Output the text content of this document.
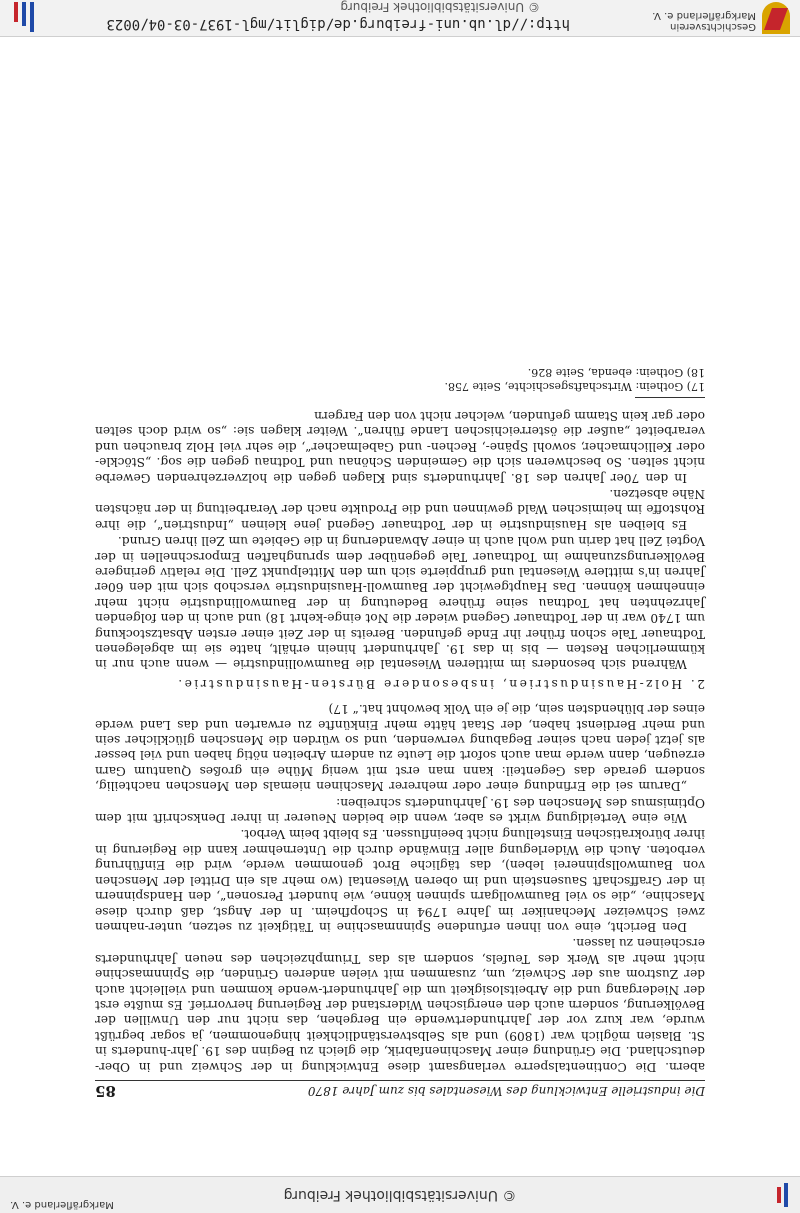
© Universitätsbibliothek Freiburg
Markgräflerland e. V.
Die industrielle Entwicklung des Wiesentales bis zum Jahre 1870
85

abern. Die Continentalsperre verlangsamt diese Entwicklung in der Schweiz und in Ober-deutschland. Die Gründung einer Maschinenfabrik, die gleich zu Beginn des 19. Jahr-hunderts in St. Blasien möglich war (1809) und als Selbstverständlichkeit hingenommen, ja sogar begrüßt wurde, war kurz vor der Jahrhundertwende ein Bergehen, das nicht nur den Unwillen der Bevölkerung, sondern auch den energischen Widerstand der Regierung hervorrief. Es mußte erst der Niedergang und die Arbeitslosigkeit um die Jahrhundert-wende kommen und vielleicht auch der Zustrom aus der Schweiz, um, zusammen mit vielen anderen Gründen, die Spinnmaschine nicht mehr als Werk des Teufels, sondern als das Triumphzeichen des neuen Jahrhunderts erscheinen zu lassen.

Den Bericht, eine von ihnen erfundene Spinnmaschine in Tätigkeit zu setzen, unter-nahmen zwei Schweizer Mechaniker im Jahre 1794 in Schopfheim. In der Angst, daß durch diese Maschine, „die so viel Baumwollgarn spinnen könne, wie hundert Personen“, den Handspinnern in der Graffschaft Sausenstein und im oberen Wiesental (wo mehr als ein Drittel der Menschen von Baumwollspinnerei leben), das tägliche Brot genommen werde, wird die Einführung verboten. Auch die Widerlegung aller Einwände durch die Unternehmer kann die Regierung in ihrer bürokratischen Einstellung nicht beeinflussen. Es bleibt beim Verbot.

Wie eine Verteidigung wirkt es aber, wenn die beiden Neuerer in ihrer Denkschrift mit dem Optimismus des Menschen des 19. Jahrhunderts schreiben:

„Darum sei die Erfindung einer oder mehrerer Maschinen niemals den Menschen nachteilig, sondern gerade das Gegenteil: kann man erst mit wenig Mühe ein großes Quantum Garn erzeugen, dann werde man auch sofort die Leute zu andern Arbeiten nötig haben und viel besser als jetzt jeden nach seiner Begabung verwenden, und so würden die Menschen glücklicher sein und mehr Berdienst haben, der Staat hätte mehr Einkünfte zu erwarten und das Land werde eines der blühendsten sein, die je ein Volk bewohnt hat.“ 17)

2. Holz-Hausindustrien, insbesondere Bürsten-Hausindustrie.

Während sich besonders im mittleren Wiesental die Baumwollindustrie — wenn auch nur in kümmerlichen Resten — bis in das 19. Jahrhundert hinein erhält, hatte sie im abgelegenen Todtnauer Tale schon früher ihr Ende gefunden. Bereits in der Zeit einer ersten Absatzstockung um 1740 war in der Todtnauer Gegend wieder die Not einge-kehrt 18) und auch in den folgenden Jahrzehnten hat Todtnau seine frühere Bedeutung in der Baumwollindustrie nicht mehr einnehmen können. Das Hauptgewicht der Baumwoll-Hausindustrie verschob sich mit den 60er Jahren in's mittlere Wiesental und gruppierte sich um den Mittelpunkt Zell. Die relativ geringere Bevölkerungszunahme im Todtnauer Tale gegenüber dem sprunghaften Emporschnellen in der Vogtei Zell hat darin und wohl auch in einer Abwanderung in die Gebiete um Zell ihren Grund.

Es bleiben als Hausindustrie in der Todtnauer Gegend jene kleinen „Industrien“, die ihre Rohstoffe im heimischen Wald gewinnen und die Produkte nach der Verarbeitung in der nächsten Nähe absetzen.

In den 70er Jahren des 18. Jahrhunderts sind Klagen gegen die holzverzehrenden Gewerbe nicht selten. So beschweren sich die Gemeinden Schönau und Todtnau gegen die sog. „Stöckle- oder Kellichmacher, sowohl Späne-, Rechen- und Gabelmacher“, die sehr viel Holz brauchen und verarbeitet „außer die österreichischen Lande führen“. Weiter klagen sie: „so wird doch selten oder gar kein Stamm gefunden, welcher nicht von den Fargern

17) Gothein: Wirtschaftsgeschichte, Seite 758.

18) Gothein: ebenda, Seite 826.

Geschichtsverein
Markgräflerland e. V.
http://dl.ub.uni-freiburg.de/diglit/mgl-1937-03-04/0023
© Universitätsbibliothek Freiburg
